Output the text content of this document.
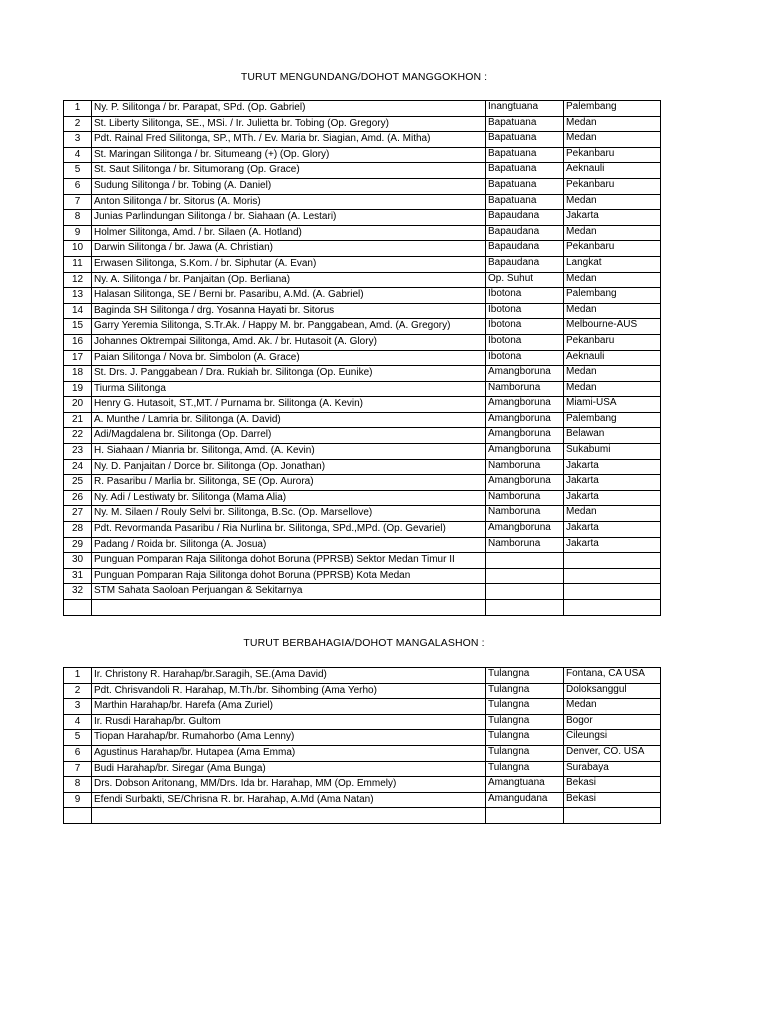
TURUT MENGUNDANG/DOHOT MANGGOKHON :
1	Ny. P. Silitonga / br. Parapat, SPd. (Op. Gabriel)	Inangtuana	Palembang
2	St. Liberty Silitonga, SE., MSi. / Ir. Julietta br. Tobing (Op. Gregory)	Bapatuana	Medan
3	Pdt. Rainal Fred Silitonga, SP., MTh. / Ev. Maria br. Siagian, Amd. (A. Mitha)	Bapatuana	Medan
4	St. Maringan Silitonga / br. Situmeang (+) (Op. Glory)	Bapatuana	Pekanbaru
5	St. Saut Silitonga / br. Situmorang (Op. Grace)	Bapatuana	Aeknauli
6	Sudung Silitonga / br. Tobing (A. Daniel)	Bapatuana	Pekanbaru
7	Anton Silitonga / br. Sitorus (A. Moris)	Bapatuana	Medan
8	Junias Parlindungan Silitonga / br. Siahaan (A. Lestari)	Bapaudana	Jakarta
9	Holmer Silitonga, Amd. / br. Silaen (A. Hotland)	Bapaudana	Medan
10	Darwin Silitonga / br. Jawa (A. Christian)	Bapaudana	Pekanbaru
11	Erwasen Silitonga, S.Kom. / br. Siphutar (A. Evan)	Bapaudana	Langkat
12	Ny. A. Silitonga / br. Panjaitan (Op. Berliana)	Op. Suhut	Medan
13	Halasan Silitonga, SE / Berni br. Pasaribu, A.Md. (A. Gabriel)	Ibotona	Palembang
14	Baginda SH Silitonga / drg. Yosanna Hayati br. Sitorus	Ibotona	Medan
15	Garry Yeremia Silitonga, S.Tr.Ak. / Happy M. br. Panggabean, Amd. (A. Gregory)	Ibotona	Melbourne-AUS
16	Johannes Oktrempai Silitonga, Amd. Ak. / br. Hutasoit (A. Glory)	Ibotona	Pekanbaru
17	Paian Silitonga / Nova br. Simbolon (A. Grace)	Ibotona	Aeknauli
18	St. Drs. J. Panggabean / Dra. Rukiah br. Silitonga (Op. Eunike)	Amangboruna	Medan
19	Tiurma Silitonga	Namboruna	Medan
20	Henry G. Hutasoit, ST.,MT. / Purnama br. Silitonga (A. Kevin)	Amangboruna	Miami-USA
21	A. Munthe / Lamria br. Silitonga (A. David)	Amangboruna	Palembang
22	Adi/Magdalena br. Silitonga (Op. Darrel)	Amangboruna	Belawan
23	H. Siahaan / Mianria br. Silitonga, Amd. (A. Kevin)	Amangboruna	Sukabumi
24	Ny. D. Panjaitan / Dorce br. Silitonga (Op. Jonathan)	Namboruna	Jakarta
25	R. Pasaribu / Marlia br. Silitonga, SE (Op. Aurora)	Amangboruna	Jakarta
26	Ny. Adi / Lestiwaty br. Silitonga (Mama Alia)	Namboruna	Jakarta
27	Ny. M. Silaen / Rouly Selvi br. Silitonga, B.Sc. (Op. Marsellove)	Namboruna	Medan
28	Pdt. Revormanda Pasaribu / Ria Nurlina br. Silitonga, SPd.,MPd. (Op. Gevariel)	Amangboruna	Jakarta
29	Padang / Roida br. Silitonga (A. Josua)	Namboruna	Jakarta
30	Punguan Pomparan Raja Silitonga dohot Boruna (PPRSB) Sektor Medan Timur II		
31	Punguan Pomparan Raja Silitonga dohot Boruna (PPRSB) Kota Medan		
32	STM Sahata Saoloan Perjuangan & Sekitarnya		

TURUT BERBAHAGIA/DOHOT MANGALASHON :
1	Ir. Christony R. Harahap/br.Saragih, SE.(Ama David)	Tulangna	Fontana, CA USA
2	Pdt. Chrisvandoli R. Harahap, M.Th./br. Sihombing (Ama Yerho)	Tulangna	Doloksanggul
3	Marthin Harahap/br. Harefa (Ama Zuriel)	Tulangna	Medan
4	Ir. Rusdi Harahap/br. Gultom	Tulangna	Bogor
5	Tiopan Harahap/br. Rumahorbo (Ama Lenny)	Tulangna	Cileungsi
6	Agustinus Harahap/br. Hutapea (Ama Emma)	Tulangna	Denver, CO. USA
7	Budi Harahap/br. Siregar (Ama Bunga)	Tulangna	Surabaya
8	Drs. Dobson Aritonang, MM/Drs. Ida br. Harahap, MM (Op. Emmely)	Amangtuana	Bekasi
9	Efendi Surbakti, SE/Chrisna R. br. Harahap, A.Md (Ama Natan)	Amangudana	Bekasi
